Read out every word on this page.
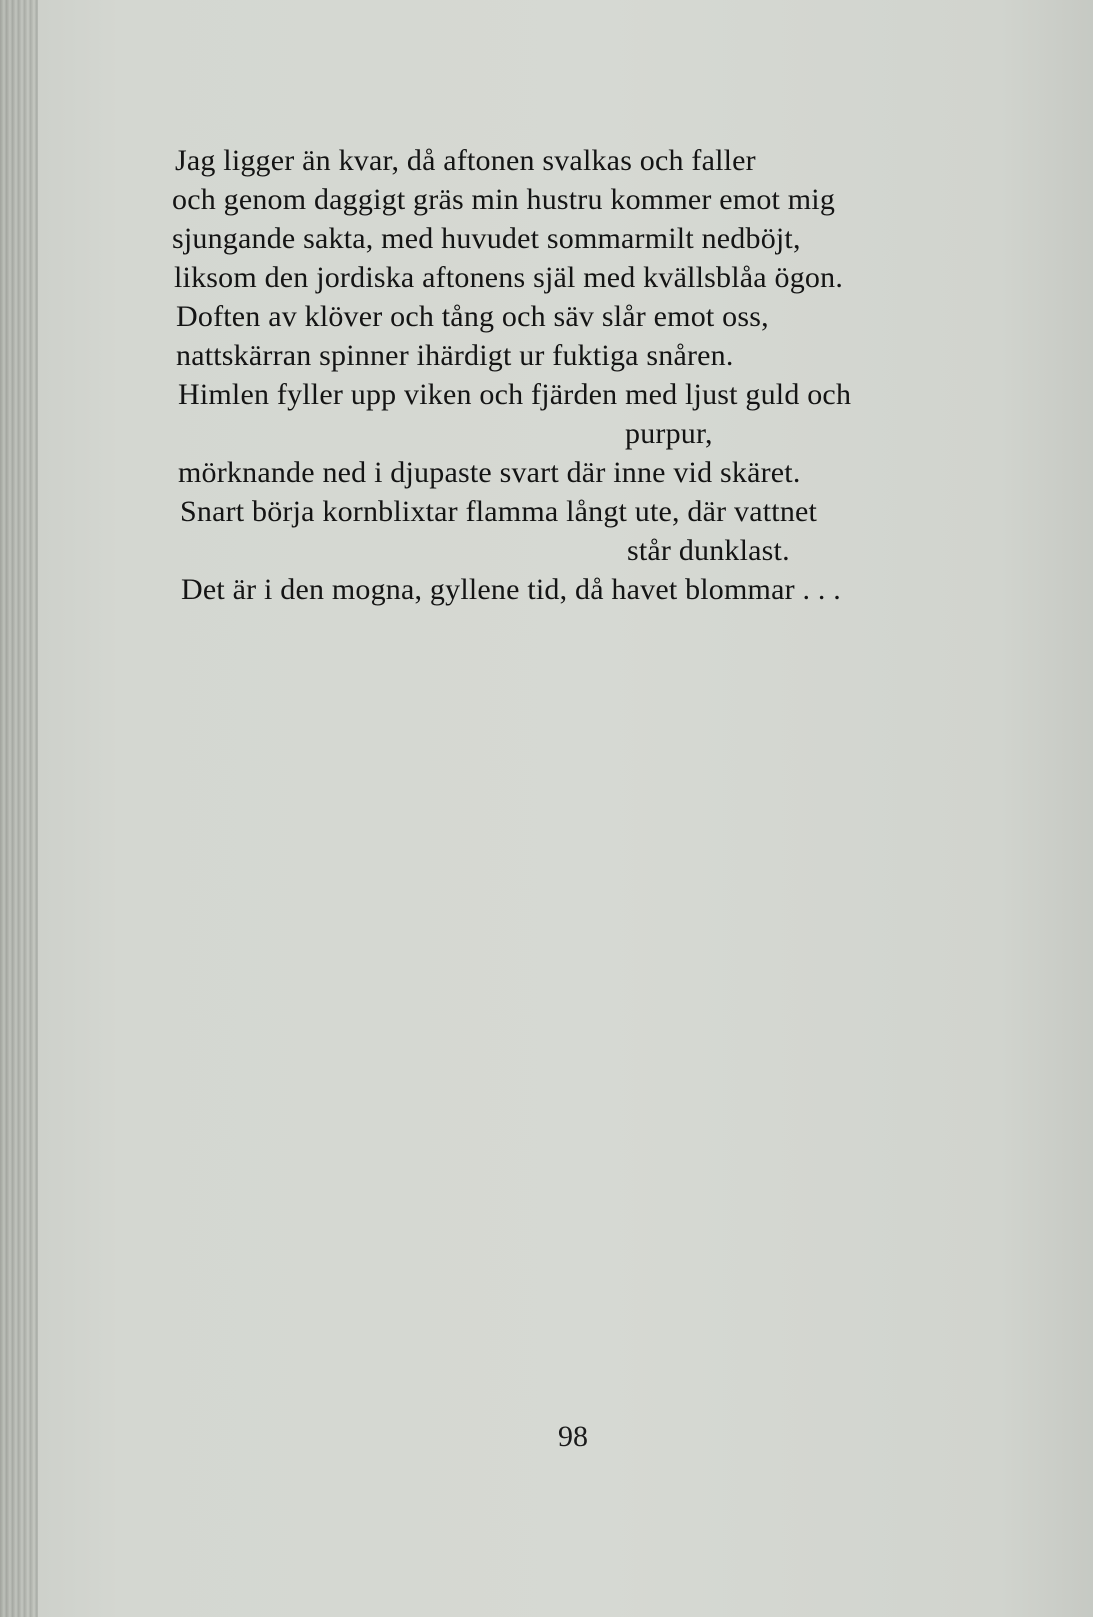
Jag ligger än kvar, då aftonen svalkas och faller
och genom daggigt gräs min hustru kommer emot mig
sjungande sakta, med huvudet sommarmilt nedböjt,
liksom den jordiska aftonens själ med kvällsblåa ögon.
Doften av klöver och tång och säv slår emot oss,
nattskärran spinner ihärdigt ur fuktiga snåren.
Himlen fyller upp viken och fjärden med ljust guld och
purpur,
mörknande ned i djupaste svart där inne vid skäret.
Snart börja kornblixtar flamma långt ute, där vattnet
står dunklast.
Det är i den mogna, gyllene tid, då havet blommar . . .
98
